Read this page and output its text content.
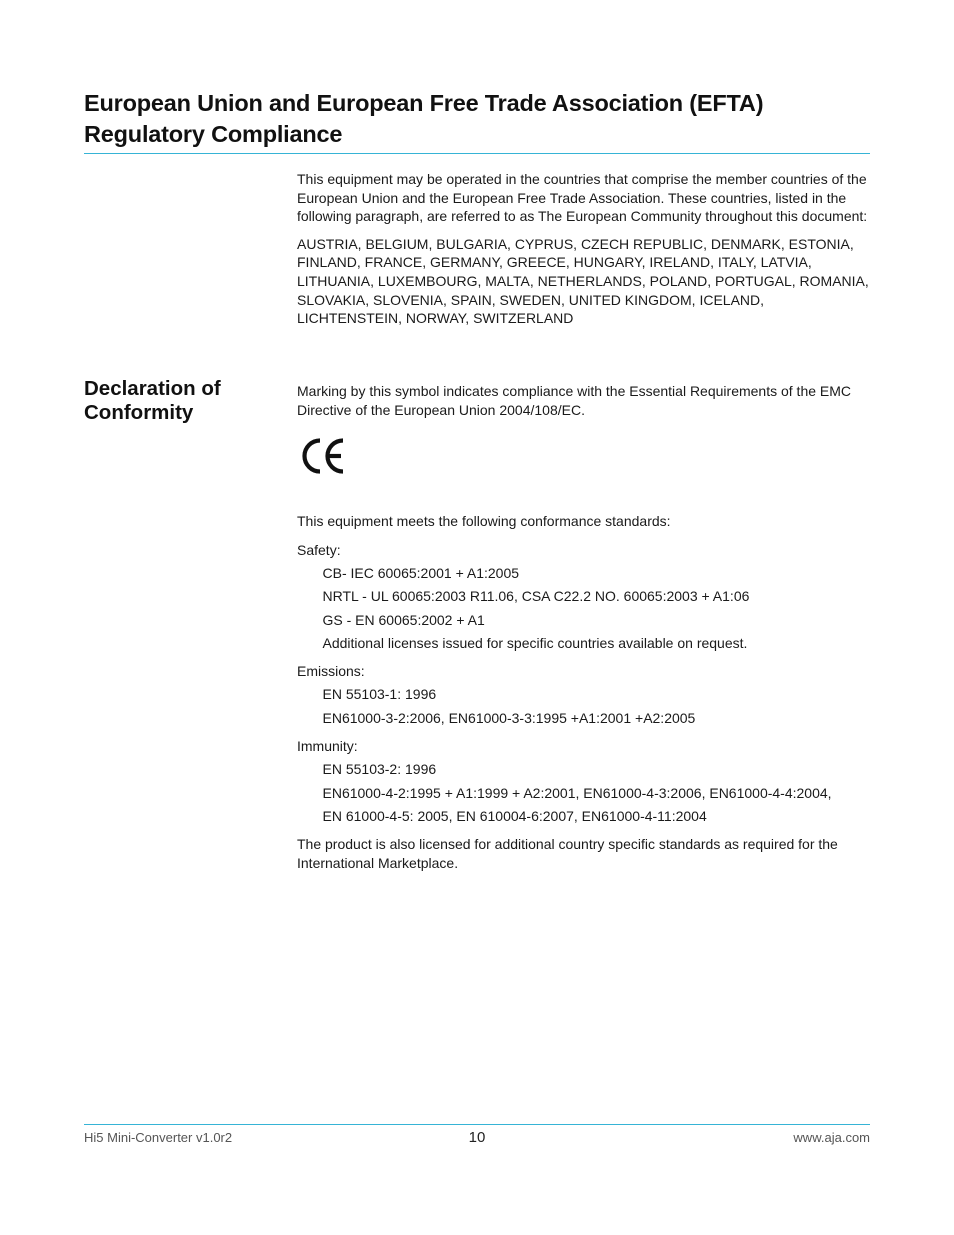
European Union and European Free Trade Association (EFTA)
Regulatory Compliance

This equipment may be operated in the countries that comprise the member countries of the European Union and the European Free Trade Association. These countries, listed in the following paragraph, are referred to as The European Community throughout this document:

AUSTRIA, BELGIUM, BULGARIA, CYPRUS, CZECH REPUBLIC, DENMARK, ESTONIA, FINLAND, FRANCE, GERMANY, GREECE, HUNGARY, IRELAND, ITALY, LATVIA, LITHUANIA, LUXEMBOURG, MALTA, NETHERLANDS, POLAND, PORTUGAL, ROMANIA, SLOVAKIA, SLOVENIA, SPAIN, SWEDEN, UNITED KINGDOM, ICELAND, LICHTENSTEIN, NORWAY, SWITZERLAND

Declaration of
Conformity
Marking by this symbol indicates compliance with the Essential Requirements of the EMC Directive of the European Union 2004/108/EC.
This equipment meets the following conformance standards:
Safety:
CB- IEC 60065:2001 + A1:2005
NRTL - UL 60065:2003 R11.06, CSA C22.2 NO. 60065:2003 + A1:06
GS - EN 60065:2002 + A1
Additional licenses issued for specific countries available on request.
Emissions:
EN 55103-1: 1996
EN61000-3-2:2006, EN61000-3-3:1995 +A1:2001 +A2:2005
Immunity:
EN 55103-2: 1996
EN61000-4-2:1995 + A1:1999 + A2:2001, EN61000-4-3:2006, EN61000-4-4:2004,
EN 61000-4-5: 2005, EN 610004-6:2007, EN61000-4-11:2004
The product is also licensed for additional country specific standards as required for the International Marketplace.
Hi5 Mini-Converter v1.0r2	10	www.aja.com
